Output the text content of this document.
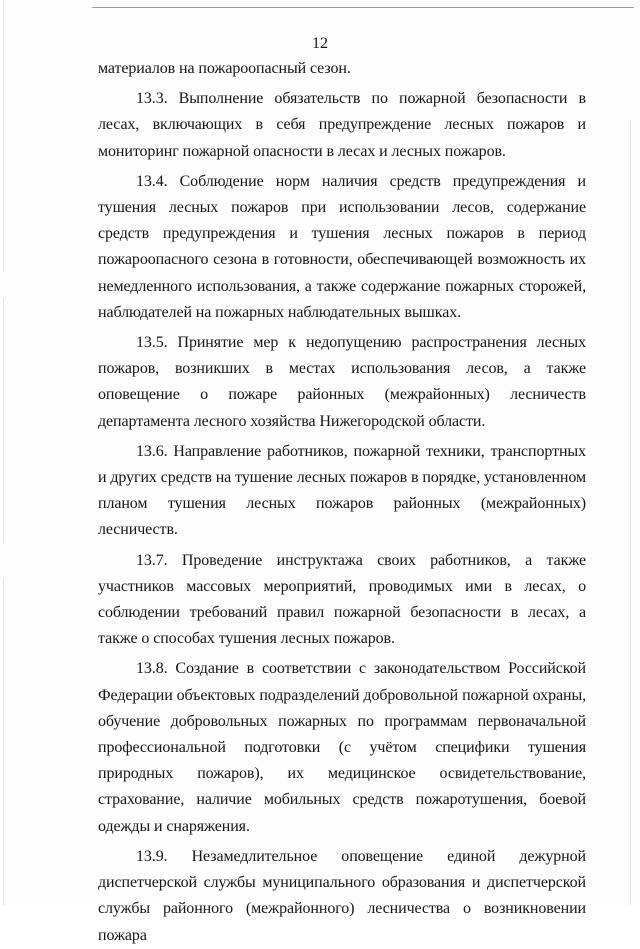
12

материалов на пожароопасный сезон.

13.3. Выполнение обязательств по пожарной безопасности в лесах, включающих в себя предупреждение лесных пожаров и мониторинг пожарной опасности в лесах и лесных пожаров.

13.4. Соблюдение норм наличия средств предупреждения и тушения лесных пожаров при использовании лесов, содержание средств предупреждения и тушения лесных пожаров в период пожароопасного сезона в готовности, обеспечивающей возможность их немедленного использования, а также содержание пожарных сторожей, наблюдателей на пожарных наблюдательных вышках.

13.5. Принятие мер к недопущению распространения лесных пожаров, возникших в местах использования лесов, а также оповещение о пожаре районных (межрайонных) лесничеств департамента лесного хозяйства Нижегородской области.

13.6. Направление работников, пожарной техники, транспортных и других средств на тушение лесных пожаров в порядке, установленном планом тушения лесных пожаров районных (межрайонных) лесничеств.

13.7. Проведение инструктажа своих работников, а также участников массовых мероприятий, проводимых ими в лесах, о соблюдении требований правил пожарной безопасности в лесах, а также о способах тушения лесных пожаров.

13.8. Создание в соответствии с законодательством Российской Федерации объектовых подразделений добровольной пожарной охраны, обучение добровольных пожарных по программам первоначальной профессиональной подготовки (с учётом специфики тушения природных пожаров), их медицинское освидетельствование, страхование, наличие мобильных средств пожаротушения, боевой одежды и снаряжения.

13.9. Незамедлительное оповещение единой дежурной диспетчерской службы муниципального образования и диспетчерской службы районного (межрайонного) лесничества о возникновении пожара
